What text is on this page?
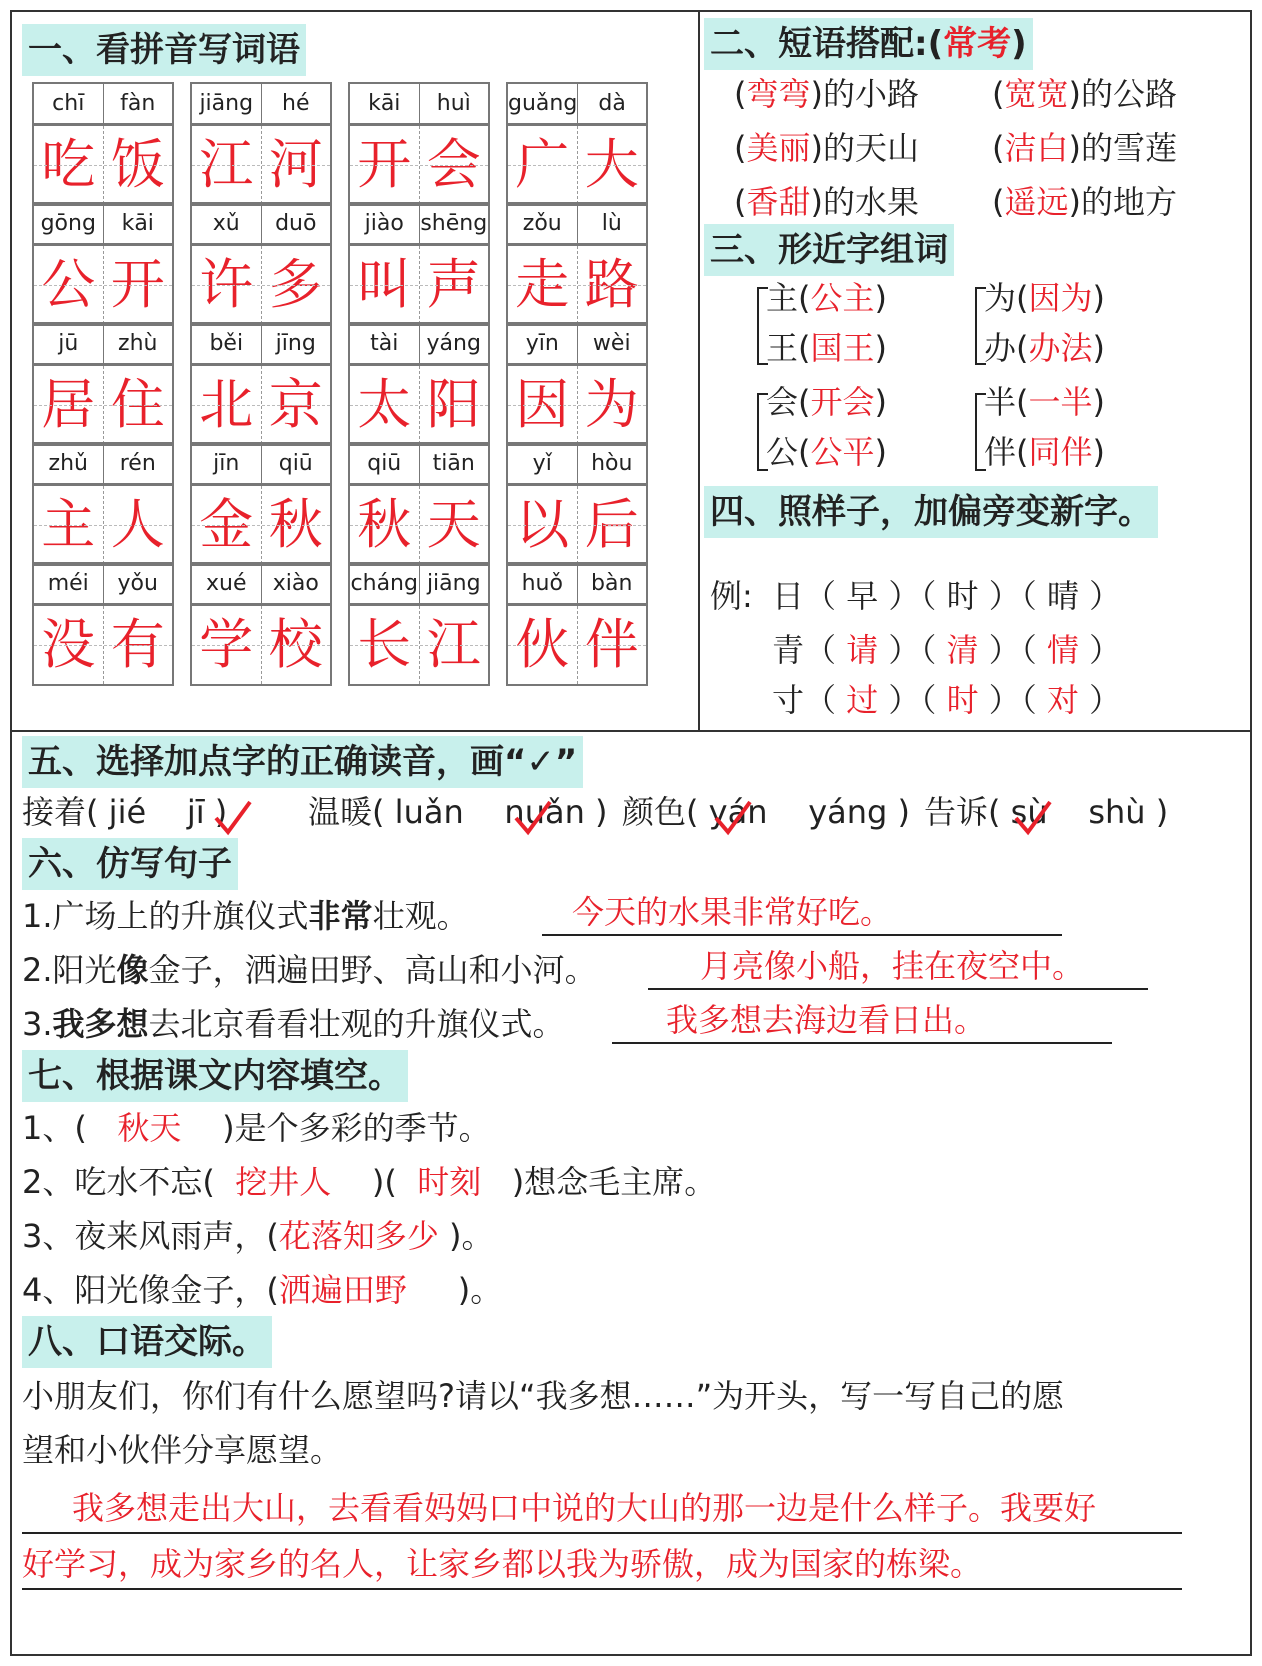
一、看拼音写词语
chī	fàn
吃 饭
jiāng	hé
江 河
kāi	huì
开 会
guǎng dà
广 大
gōng	kāi
公 开
xǔ	duō
许 多
jiào shēng
叫 声
zǒu	lù
走 路
jū	zhù
居 住
běi	jīng
北 京
tài	yáng
太 阳
yīn	wèi
因 为
zhǔ	rén
主 人
jīn	qiū
金 秋
qiū	tiān
秋 天
yǐ	hòu
以 后
méi	yǒu
没 有
xué	xiào
学 校
cháng jiāng
长 江
huǒ	bàn
伙 伴
二、短语搭配:(常考)
(弯弯)的小路 (宽宽)的公路
(美丽)的天山 (洁白)的雪莲
(香甜)的水果 (遥远)的地方
三、形近字组词
主(公主)
王(国王)
为(因为)
办(办法)
会(开会)
公(公平)
半(一半)
伴(同伴)
四、照样子，加偏旁变新字。
例: 日（ 早 ）（ 时 ）（ 晴 ）
青（ 请 ）（ 清 ）（ 情 ）
寸（ 过 ）（ 时 ）（ 对 ）
五、选择加点字的正确读音，画“✓”
接着( jié jī )	温暖( luǎn nuǎn ) 颜色( yán yáng ) 告诉( sù shù )
六、仿写句子
1.广场上的升旗仪式非常壮观。	今天的水果非常好吃。
2.阳光像金子，洒遍田野、高山和小河。	月亮像小船，挂在夜空中。
3.我多想去北京看看壮观的升旗仪式。	我多想去海边看日出。
七、根据课文内容填空。
1、( 秋天 )是个多彩的季节。
2、吃水不忘( 挖井人 )( 时刻 )想念毛主席。
3、夜来风雨声，(花落知多少 )。
4、阳光像金子，(洒遍田野 )。
八、口语交际。
小朋友们，你们有什么愿望吗?请以“我多想……”为开头，写一写自己的愿
望和小伙伴分享愿望。
我多想走出大山，去看看妈妈口中说的大山的那一边是什么样子。我要好
好学习，成为家乡的名人，让家乡都以我为骄傲，成为国家的栋梁。
